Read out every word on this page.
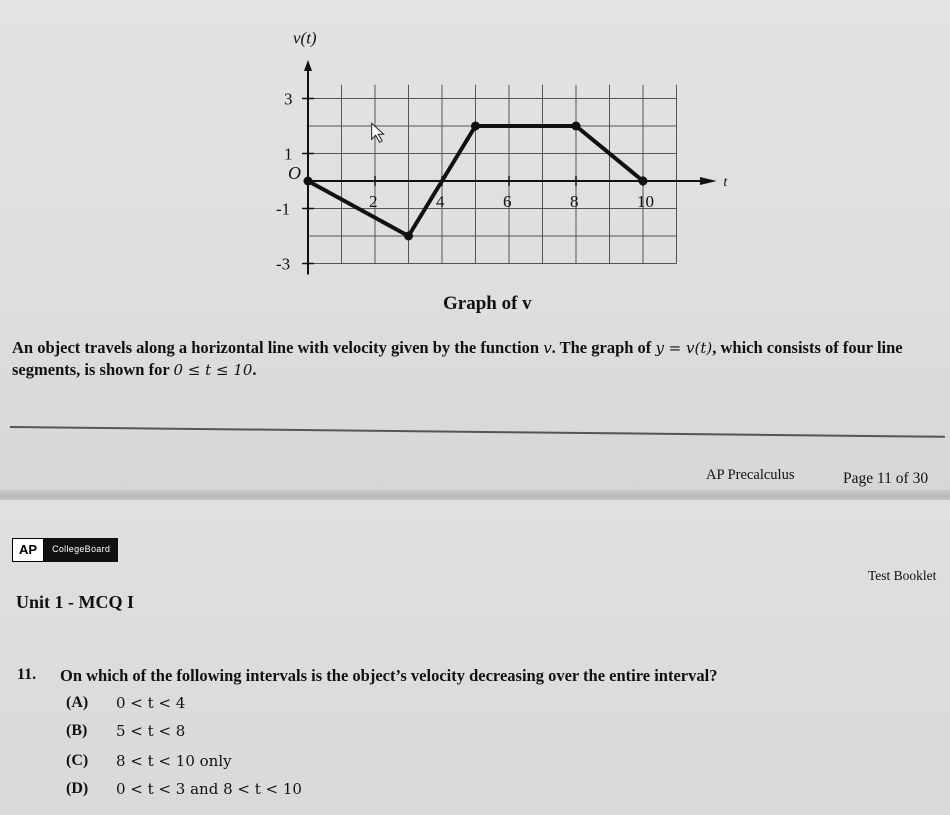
v(t)
t
O
2	4	6	8	10
3
1
-1
-3
Graph of v
An object travels along a horizontal line with velocity given by the function v. The graph of y = v(t), which consists of four line segments, is shown for 0 ≤ t ≤ 10.
AP Precalculus	Page 11 of 30
AP	CollegeBoard
Test Booklet
Unit 1 - MCQ I
11. On which of the following intervals is the object’s velocity decreasing over the entire interval?
(A)	0 < t < 4
(B)	5 < t < 8
(C)	8 < t < 10 only
(D)	0 < t < 3 and 8 < t < 10
